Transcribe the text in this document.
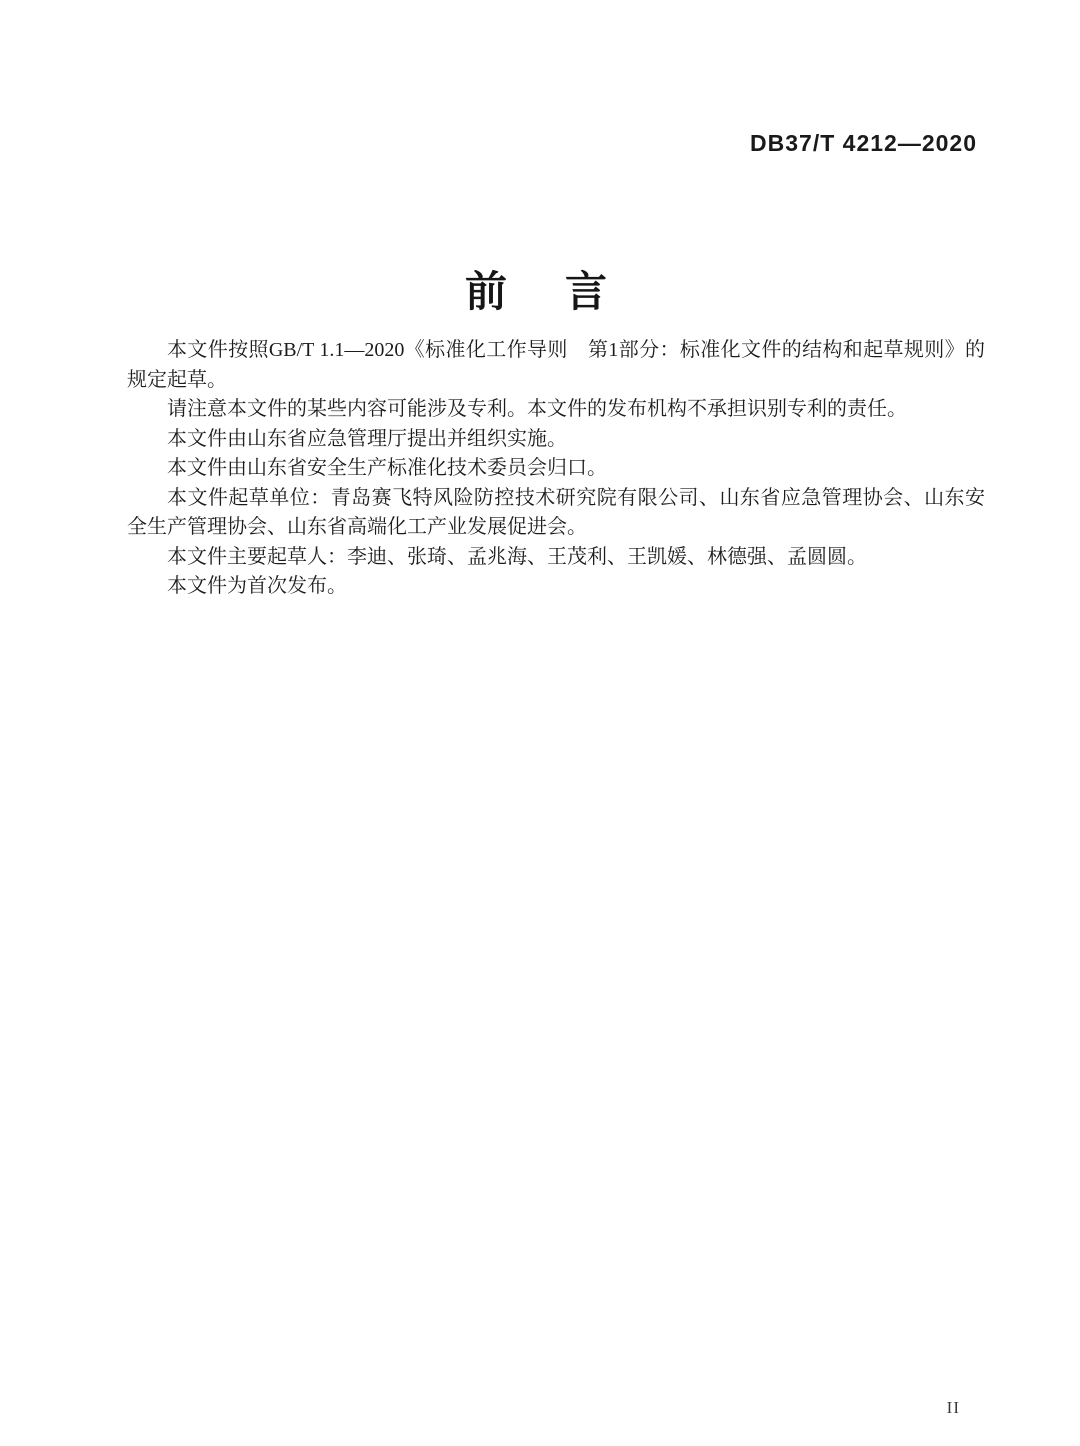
DB37/T 4212—2020
前　言

本文件按照GB/T 1.1—2020《标准化工作导则　第1部分：标准化文件的结构和起草规则》的规定起草。

请注意本文件的某些内容可能涉及专利。本文件的发布机构不承担识别专利的责任。

本文件由山东省应急管理厅提出并组织实施。

本文件由山东省安全生产标准化技术委员会归口。

本文件起草单位：青岛赛飞特风险防控技术研究院有限公司、山东省应急管理协会、山东安全生产管理协会、山东省高端化工产业发展促进会。

本文件主要起草人：李迪、张琦、孟兆海、王茂利、王凯媛、林德强、孟圆圆。

本文件为首次发布。

II
